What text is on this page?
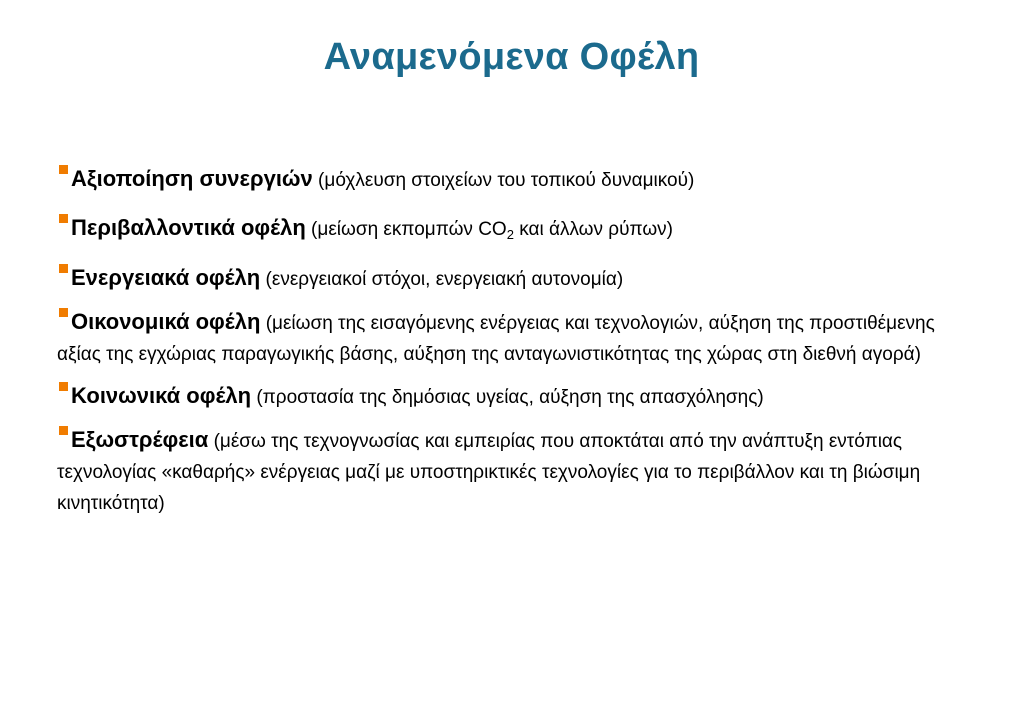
Αναμενόμενα Οφέλη
Αξιοποίηση συνεργιών (μόχλευση στοιχείων του τοπικού δυναμικού)
Περιβαλλοντικά οφέλη (μείωση εκπομπών $CO_2$ και άλλων ρύπων)
Ενεργειακά οφέλη (ενεργειακοί στόχοι, ενεργειακή αυτονομία)
Οικονομικά οφέλη (μείωση της εισαγόμενης ενέργειας και τεχνολογιών, αύξηση της προστιθέμενης αξίας της εγχώριας παραγωγικής βάσης, αύξηση της ανταγωνιστικότητας της χώρας στη διεθνή αγορά)
Κοινωνικά οφέλη (προστασία της δημόσιας υγείας, αύξηση της απασχόλησης)
Εξωστρέφεια (μέσω της τεχνογνωσίας και εμπειρίας που αποκτάται από την ανάπτυξη εντόπιας τεχνολογίας «καθαρής» ενέργειας μαζί με υποστηρικτικές τεχνολογίες για το περιβάλλον και τη βιώσιμη κινητικότητα)
